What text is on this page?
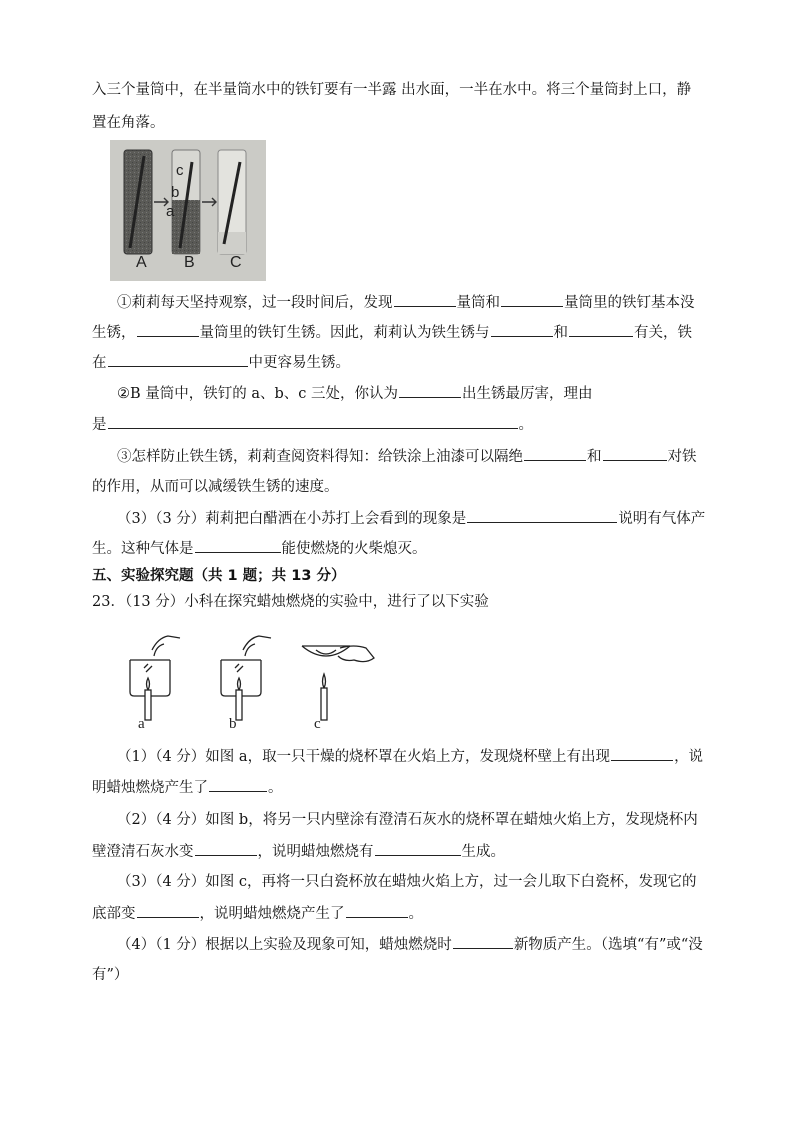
入三个量筒中，在半量筒水中的铁钉要有一半露 出水面，一半在水中。将三个量筒封上口，静
置在角落。
c
b
a
A B C
①莉莉每天坚持观察，过一段时间后，发现	量筒和	量筒里的铁钉基本没
生锈，	量筒里的铁钉生锈。因此，莉莉认为铁生锈与	和	有关，铁
在	中更容易生锈。
②B 量筒中，铁钉的 a、b、c 三处，你认为	出生锈最厉害，理由
是	。
③怎样防止铁生锈，莉莉查阅资料得知：给铁涂上油漆可以隔绝	和	对铁
的作用，从而可以减缓铁生锈的速度。
（3）（3 分）莉莉把白醋洒在小苏打上会看到的现象是	说明有气体产
生。这种气体是	能使燃烧的火柴熄灭。
五、实验探究题（共 1 题；共 13 分）
23．（13 分）小科在探究蜡烛燃烧的实验中，进行了以下实验
a	b	c
（1）（4 分）如图 a，取一只干燥的烧杯罩在火焰上方，发现烧杯壁上有出现	，说
明蜡烛燃烧产生了	。
（2）（4 分）如图 b，将另一只内壁涂有澄清石灰水的烧杯罩在蜡烛火焰上方，发现烧杯内
壁澄清石灰水变	，说明蜡烛燃烧有	生成。
（3）（4 分）如图 c，再将一只白瓷杯放在蜡烛火焰上方，过一会儿取下白瓷杯，发现它的
底部变	，说明蜡烛燃烧产生了	。
（4）（1 分）根据以上实验及现象可知，蜡烛燃烧时	新物质产生。（选填“有”或“没
有”）
